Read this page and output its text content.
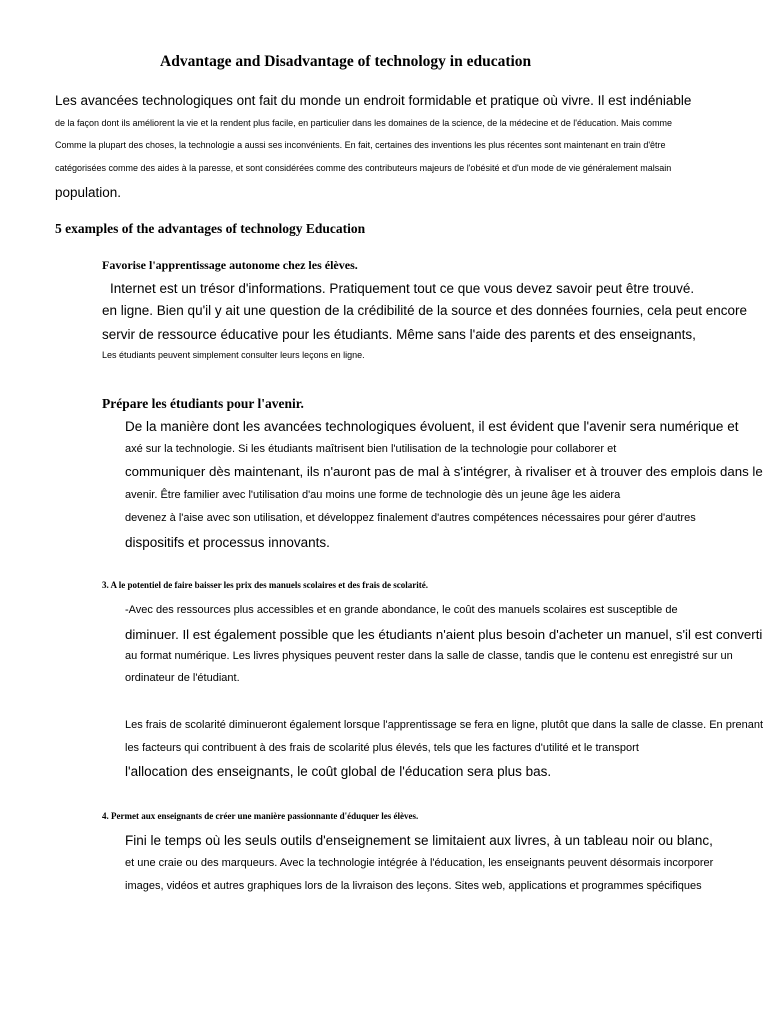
Advantage and Disadvantage of technology in education
Les avancées technologiques ont fait du monde un endroit formidable et pratique où vivre. Il est indéniable
de la façon dont ils améliorent la vie et la rendent plus facile, en particulier dans les domaines de la science, de la médecine et de l'éducation. Mais comme
Comme la plupart des choses, la technologie a aussi ses inconvénients. En fait, certaines des inventions les plus récentes sont maintenant en train d'être
catégorisées comme des aides à la paresse, et sont considérées comme des contributeurs majeurs de l'obésité et d'un mode de vie généralement malsain
population.
5 examples of the advantages of technology Education
Favorise l'apprentissage autonome chez les élèves.
Internet est un trésor d'informations. Pratiquement tout ce que vous devez savoir peut être trouvé.
en ligne. Bien qu'il y ait une question de la crédibilité de la source et des données fournies, cela peut encore
servir de ressource éducative pour les étudiants. Même sans l'aide des parents et des enseignants,
Les étudiants peuvent simplement consulter leurs leçons en ligne.
Prépare les étudiants pour l'avenir.
De la manière dont les avancées technologiques évoluent, il est évident que l'avenir sera numérique et
axé sur la technologie. Si les étudiants maîtrisent bien l'utilisation de la technologie pour collaborer et
communiquer dès maintenant, ils n'auront pas de mal à s'intégrer, à rivaliser et à trouver des emplois dans le
avenir. Être familier avec l'utilisation d'au moins une forme de technologie dès un jeune âge les aidera
devenez à l'aise avec son utilisation, et développez finalement d'autres compétences nécessaires pour gérer d'autres
dispositifs et processus innovants.
3. A le potentiel de faire baisser les prix des manuels scolaires et des frais de scolarité.
-Avec des ressources plus accessibles et en grande abondance, le coût des manuels scolaires est susceptible de
diminuer. Il est également possible que les étudiants n'aient plus besoin d'acheter un manuel, s'il est converti
au format numérique. Les livres physiques peuvent rester dans la salle de classe, tandis que le contenu est enregistré sur un
ordinateur de l'étudiant.
Les frais de scolarité diminueront également lorsque l'apprentissage se fera en ligne, plutôt que dans la salle de classe. En prenant
les facteurs qui contribuent à des frais de scolarité plus élevés, tels que les factures d'utilité et le transport
l'allocation des enseignants, le coût global de l'éducation sera plus bas.
4. Permet aux enseignants de créer une manière passionnante d'éduquer les élèves.
Fini le temps où les seuls outils d'enseignement se limitaient aux livres, à un tableau noir ou blanc,
et une craie ou des marqueurs. Avec la technologie intégrée à l'éducation, les enseignants peuvent désormais incorporer
images, vidéos et autres graphiques lors de la livraison des leçons. Sites web, applications et programmes spécifiques
